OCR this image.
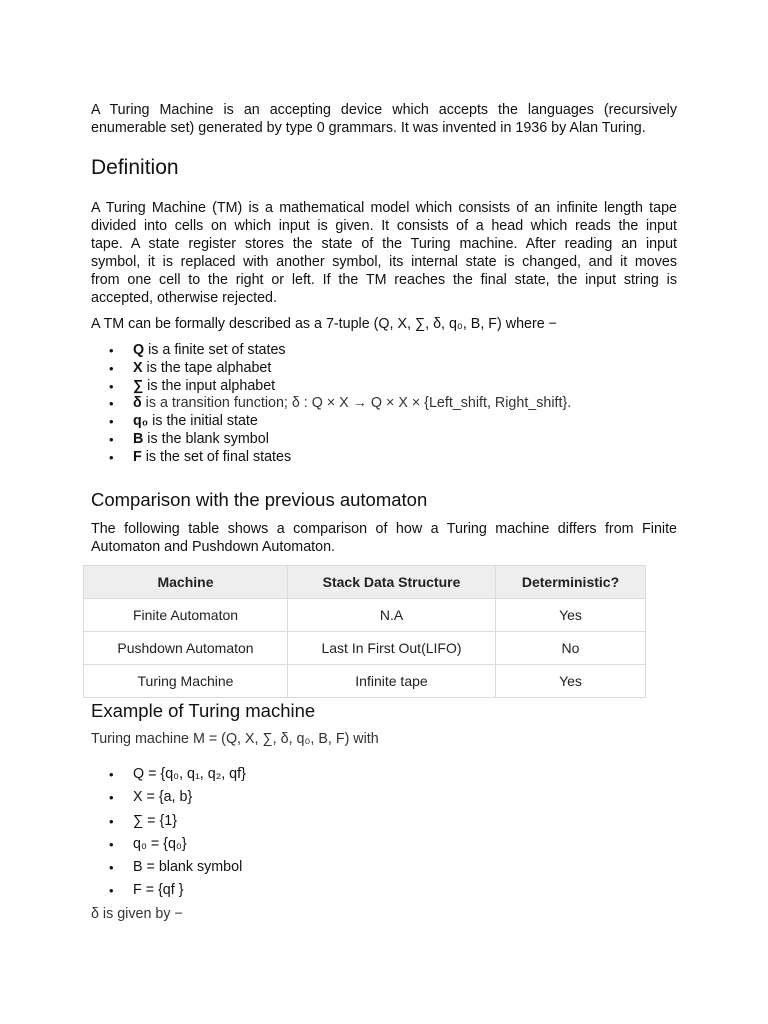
A Turing Machine is an accepting device which accepts the languages (recursively

enumerable set) generated by type 0 grammars. It was invented in 1936 by Alan Turing.

Definition

A Turing Machine (TM) is a mathematical model which consists of an infinite length tape

divided into cells on which input is given. It consists of a head which reads the input

tape. A state register stores the state of the Turing machine. After reading an input

symbol, it is replaced with another symbol, its internal state is changed, and it moves

from one cell to the right or left. If the TM reaches the final state, the input string is

accepted, otherwise rejected.

A TM can be formally described as a 7-tuple (Q, X, ∑, δ, q₀, B, F) where −

• Q is a finite set of states
• X is the tape alphabet
• ∑ is the input alphabet
• δ is a transition function; δ : Q × X → Q × X × {Left_shift, Right_shift}.
• q₀ is the initial state
• B is the blank symbol
• F is the set of final states
Comparison with the previous automaton

The following table shows a comparison of how a Turing machine differs from Finite

Automaton and Pushdown Automaton.

Machine	Stack Data Structure	Deterministic?
Finite Automaton	N.A	Yes
Pushdown Automaton	Last In First Out(LIFO)	No
Turing Machine	Infinite tape	Yes
Example of Turing machine

Turing machine M = (Q, X, ∑, δ, q₀, B, F) with

• Q = {q₀, q₁, q₂, qf}
• X = {a, b}
• ∑ = {1}
• q₀ = {q₀}
• B = blank symbol
• F = {qf }

δ is given by −
